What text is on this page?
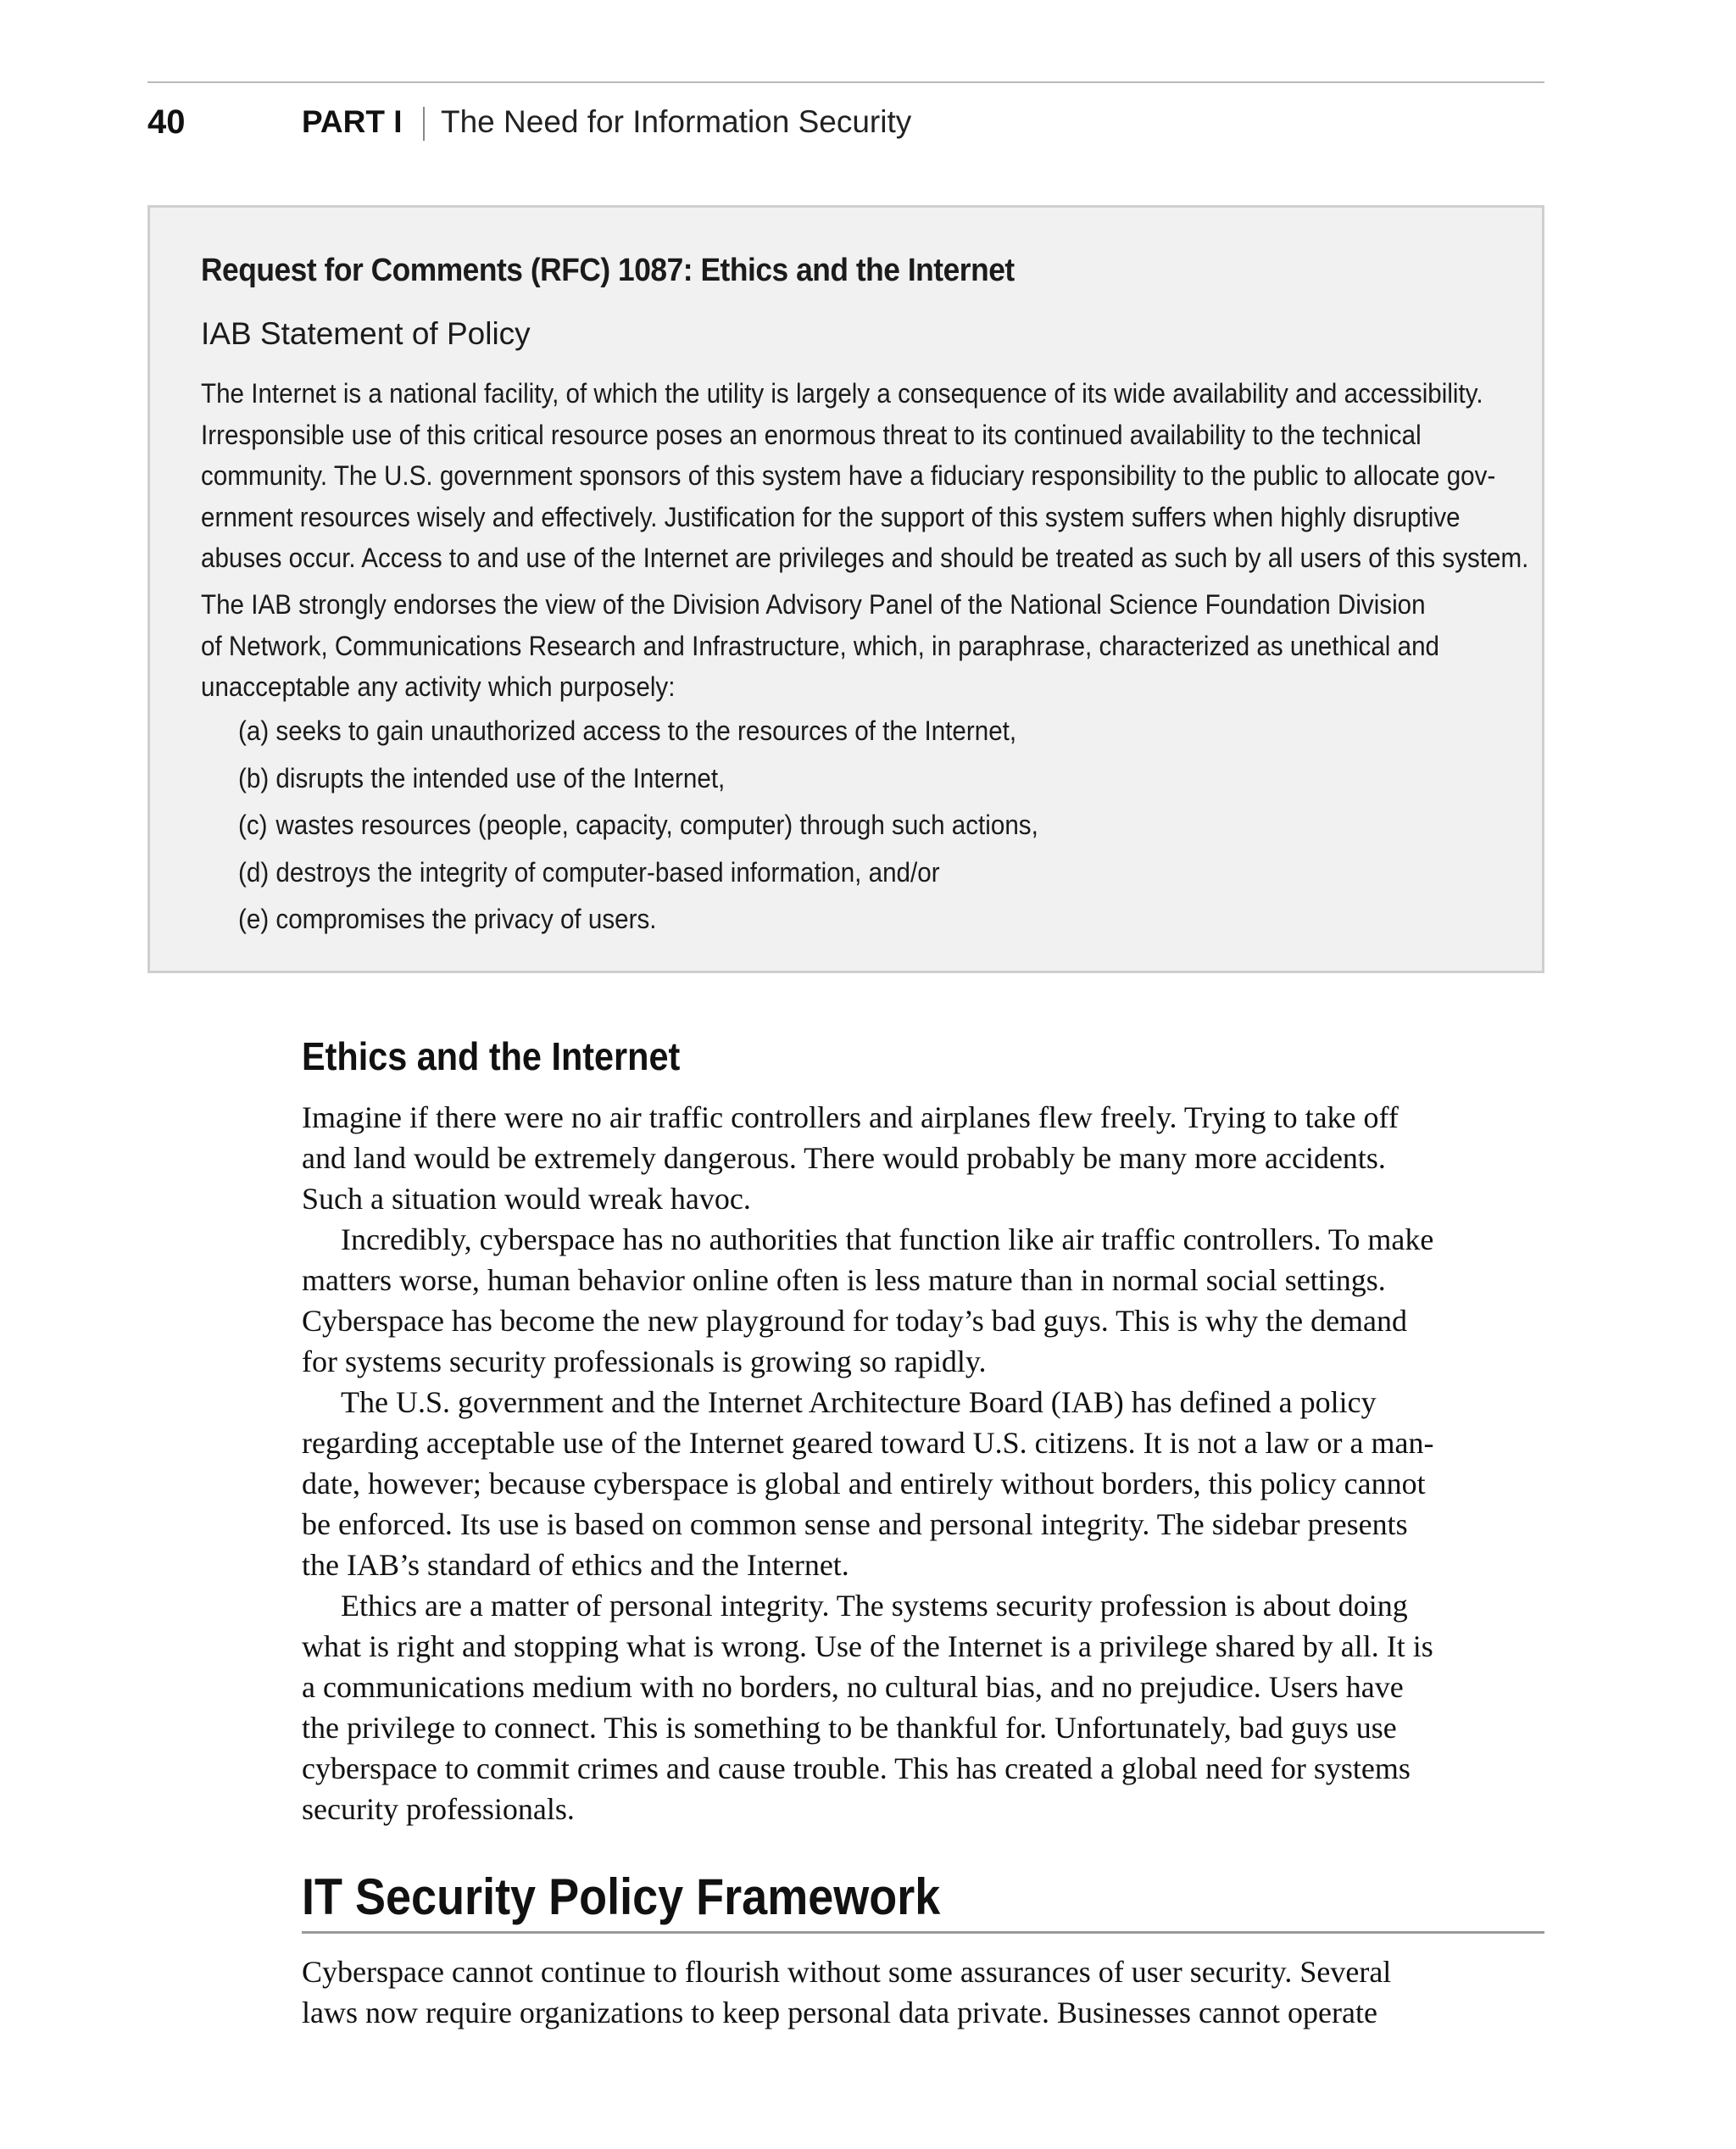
40	PART I The Need for Information Security
Request for Comments (RFC) 1087: Ethics and the Internet
IAB Statement of Policy
The Internet is a national facility, of which the utility is largely a consequence of its wide availability and accessibility.
Irresponsible use of this critical resource poses an enormous threat to its continued availability to the technical
community. The U.S. government sponsors of this system have a fiduciary responsibility to the public to allocate gov-
ernment resources wisely and effectively. Justification for the support of this system suffers when highly disruptive
abuses occur. Access to and use of the Internet are privileges and should be treated as such by all users of this system.
The IAB strongly endorses the view of the Division Advisory Panel of the National Science Foundation Division
of Network, Communications Research and Infrastructure, which, in paraphrase, characterized as unethical and
unacceptable any activity which purposely:
(a) seeks to gain unauthorized access to the resources of the Internet,
(b) disrupts the intended use of the Internet,
(c) wastes resources (people, capacity, computer) through such actions,
(d) destroys the integrity of computer-based information, and/or
(e) compromises the privacy of users.
Ethics and the Internet
Imagine if there were no air traffic controllers and airplanes flew freely. Trying to take off
and land would be extremely dangerous. There would probably be many more accidents.
Such a situation would wreak havoc.
Incredibly, cyberspace has no authorities that function like air traffic controllers. To make
matters worse, human behavior online often is less mature than in normal social settings.
Cyberspace has become the new playground for today’s bad guys. This is why the demand
for systems security professionals is growing so rapidly.
The U.S. government and the Internet Architecture Board (IAB) has defined a policy
regarding acceptable use of the Internet geared toward U.S. citizens. It is not a law or a man-
date, however; because cyberspace is global and entirely without borders, this policy cannot
be enforced. Its use is based on common sense and personal integrity. The sidebar presents
the IAB’s standard of ethics and the Internet.
Ethics are a matter of personal integrity. The systems security profession is about doing
what is right and stopping what is wrong. Use of the Internet is a privilege shared by all. It is
a communications medium with no borders, no cultural bias, and no prejudice. Users have
the privilege to connect. This is something to be thankful for. Unfortunately, bad guys use
cyberspace to commit crimes and cause trouble. This has created a global need for systems
security professionals.
IT Security Policy Framework
Cyberspace cannot continue to flourish without some assurances of user security. Several
laws now require organizations to keep personal data private. Businesses cannot operate
